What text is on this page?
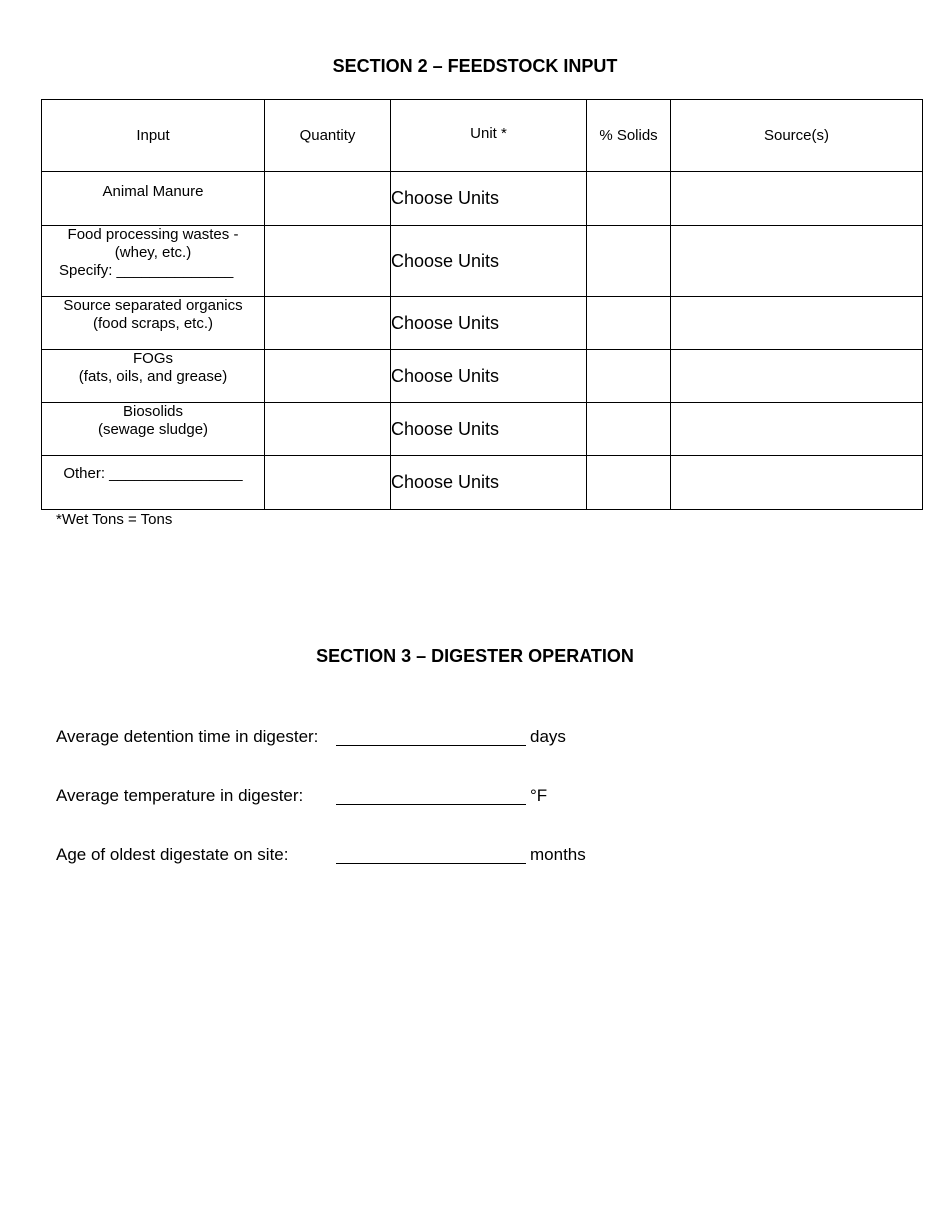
SECTION 2 – FEEDSTOCK INPUT
Input	Quantity	Unit *	% Solids	Source(s)

Animal Manure		Choose Units		

Food processing wastes -
(whey, etc.)
Specify: ______________		Choose Units		

Source separated organics
(food scraps, etc.)		Choose Units		

FOGs
(fats, oils, and grease)		Choose Units		

Biosolids
(sewage sludge)		Choose Units		

Other: ________________		Choose Units		
*Wet Tons = Tons
SECTION 3 – DIGESTER OPERATION
Average detention time in digester:	days
Average temperature in digester:	°F
Age of oldest digestate on site:	months
